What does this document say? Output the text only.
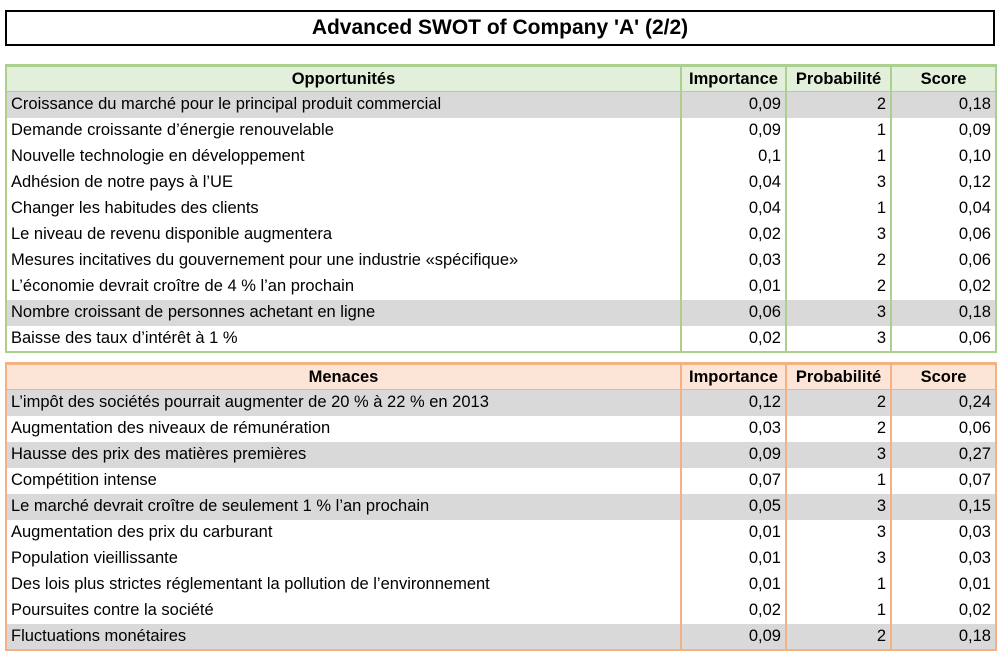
Advanced SWOT of Company 'A' (2/2)
Opportunités	Importance	Probabilité	Score
Croissance du marché pour le principal produit commercial	0,09	2	0,18
Demande croissante d’énergie renouvelable	0,09	1	0,09
Nouvelle technologie en développement	0,1	1	0,10
Adhésion de notre pays à l’UE	0,04	3	0,12
Changer les habitudes des clients	0,04	1	0,04
Le niveau de revenu disponible augmentera	0,02	3	0,06
Mesures incitatives du gouvernement pour une industrie «spécifique»	0,03	2	0,06
L’économie devrait croître de 4 % l’an prochain	0,01	2	0,02
Nombre croissant de personnes achetant en ligne	0,06	3	0,18
Baisse des taux d’intérêt à 1 %	0,02	3	0,06
Menaces	Importance	Probabilité	Score
L’impôt des sociétés pourrait augmenter de 20 % à 22 % en 2013	0,12	2	0,24
Augmentation des niveaux de rémunération	0,03	2	0,06
Hausse des prix des matières premières	0,09	3	0,27
Compétition intense	0,07	1	0,07
Le marché devrait croître de seulement 1 % l’an prochain	0,05	3	0,15
Augmentation des prix du carburant	0,01	3	0,03
Population vieillissante	0,01	3	0,03
Des lois plus strictes réglementant la pollution de l’environnement	0,01	1	0,01
Poursuites contre la société	0,02	1	0,02
Fluctuations monétaires	0,09	2	0,18
